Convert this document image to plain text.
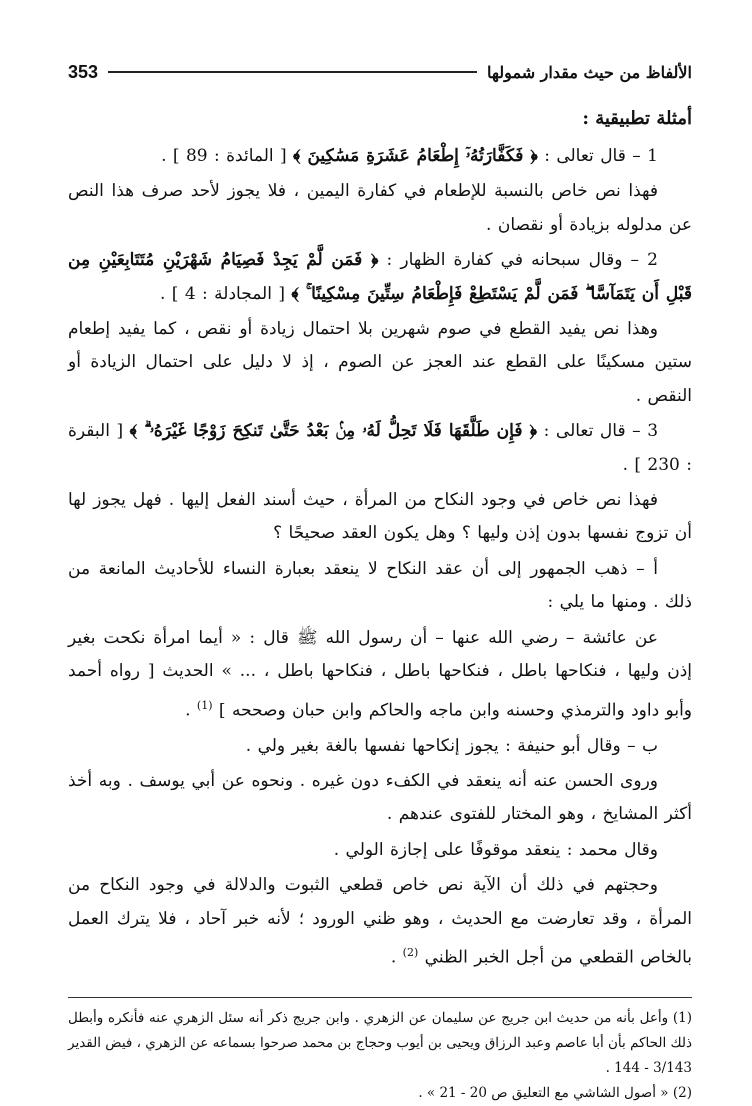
353	الألفاظ من حيث مقدار شمولها
أمثلة تطبيقية :

1 – قال تعالى : ﴿ فَكَفَّارَتُهُۥٓ إِطْعَامُ عَشَرَةِ مَسَٰكِينَ ﴾ [ المائدة : 89 ] .

فهذا نص خاص بالنسبة للإطعام في كفارة اليمين ، فلا يجوز لأحد صرف هذا النص عن مدلوله بزيادة أو نقصان .

2 – وقال سبحانه في كفارة الظهار : ﴿ فَمَن لَّمْ يَجِدْ فَصِيَامُ شَهْرَيْنِ مُتَتَابِعَيْنِ مِن قَبْلِ أَن يَتَمَآسَّا ۖ فَمَن لَّمْ يَسْتَطِعْ فَإِطْعَامُ سِتِّينَ مِسْكِينًا ۚ ﴾ [ المجادلة : 4 ] .

وهذا نص يفيد القطع في صوم شهرين بلا احتمال زيادة أو نقص ، كما يفيد إطعام ستين مسكينًا على القطع عند العجز عن الصوم ، إذ لا دليل على احتمال الزيادة أو النقص .

3 – قال تعالى : ﴿ فَإِن طَلَّقَهَا فَلَا تَحِلُّ لَهُۥ مِنۢ بَعْدُ حَتَّىٰ تَنكِحَ زَوْجًا غَيْرَهُۥ ۗ ﴾ [ البقرة : 230 ] .

فهذا نص خاص في وجود النكاح من المرأة ، حيث أسند الفعل إليها . فهل يجوز لها أن تزوج نفسها بدون إذن وليها ؟ وهل يكون العقد صحيحًا ؟

أ – ذهب الجمهور إلى أن عقد النكاح لا ينعقد بعبارة النساء للأحاديث المانعة من ذلك . ومنها ما يلي :

عن عائشة – رضي الله عنها – أن رسول الله ﷺ قال : « أيما امرأة نكحت بغير إذن وليها ، فنكاحها باطل ، فنكاحها باطل ، فنكاحها باطل ، ... » الحديث [ رواه أحمد وأبو داود والترمذي وحسنه وابن ماجه والحاكم وابن حبان وصححه ] $^{(1)}$ .

ب – وقال أبو حنيفة : يجوز إنكاحها نفسها بالغة بغير ولي .

وروى الحسن عنه أنه ينعقد في الكفء دون غيره . ونحوه عن أبي يوسف . وبه أخذ أكثر المشايخ ، وهو المختار للفتوى عندهم .

وقال محمد : ينعقد موقوفًا على إجازة الولي .

وحجتهم في ذلك أن الآية نص خاص قطعي الثبوت والدلالة في وجود النكاح من المرأة ، وقد تعارضت مع الحديث ، وهو ظني الورود ؛ لأنه خبر آحاد ، فلا يترك العمل بالخاص القطعي من أجل الخبر الظني $^{(2)}$ .

(1) وأعل بأنه من حديث ابن جريج عن سليمان عن الزهري . وابن جريج ذكر أنه سئل الزهري عنه فأنكره وأبطل ذلك الحاكم بأن أبا عاصم وعبد الرزاق ويحيى بن أيوب وحجاج بن محمد صرحوا بسماعه عن الزهري ، فيض القدير 3/143 - 144 .

(2) « أصول الشاشي مع التعليق ص 20 - 21 » .
